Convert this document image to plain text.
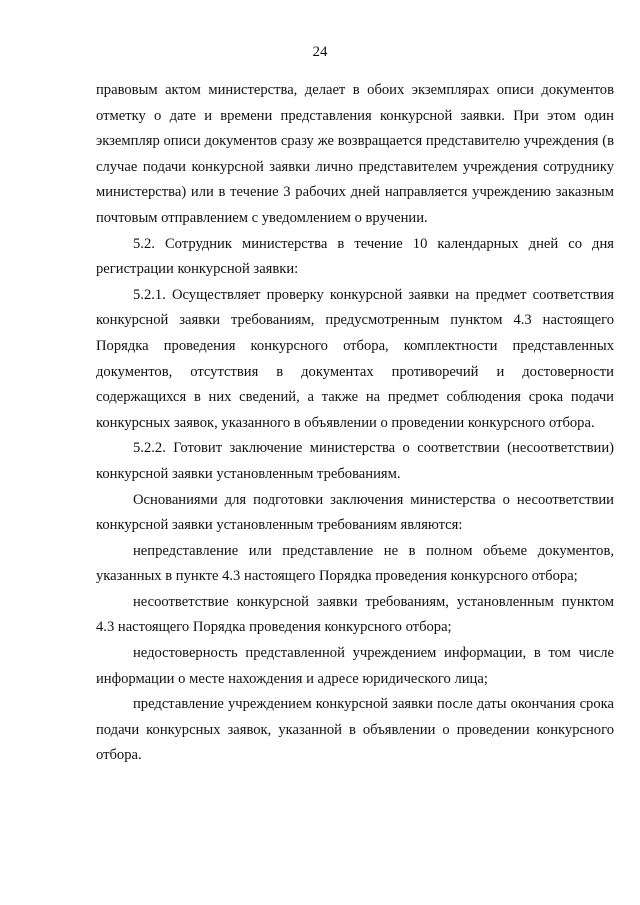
24

правовым актом министерства, делает в обоих экземплярах описи документов отметку о дате и времени представления конкурсной заявки. При этом один экземпляр описи документов сразу же возвращается представителю учреждения (в случае подачи конкурсной заявки лично представителем учреждения сотруднику министерства) или в течение 3 рабочих дней направляется учреждению заказным почтовым отправлением с уведомлением о вручении.

5.2. Сотрудник министерства в течение 10 календарных дней со дня регистрации конкурсной заявки:

5.2.1. Осуществляет проверку конкурсной заявки на предмет соответствия конкурсной заявки требованиям, предусмотренным пунктом 4.3 настоящего Порядка проведения конкурсного отбора, комплектности представленных документов, отсутствия в документах противоречий и достоверности содержащихся в них сведений, а также на предмет соблюдения срока подачи конкурсных заявок, указанного в объявлении о проведении конкурсного отбора.

5.2.2. Готовит заключение министерства о соответствии (несоответствии) конкурсной заявки установленным требованиям.

Основаниями для подготовки заключения министерства о несоответствии конкурсной заявки установленным требованиям являются:

непредставление или представление не в полном объеме документов, указанных в пункте 4.3 настоящего Порядка проведения конкурсного отбора;

несоответствие конкурсной заявки требованиям, установленным пунктом 4.3 настоящего Порядка проведения конкурсного отбора;

недостоверность представленной учреждением информации, в том числе информации о месте нахождения и адресе юридического лица;

представление учреждением конкурсной заявки после даты окончания срока подачи конкурсных заявок, указанной в объявлении о проведении конкурсного отбора.
